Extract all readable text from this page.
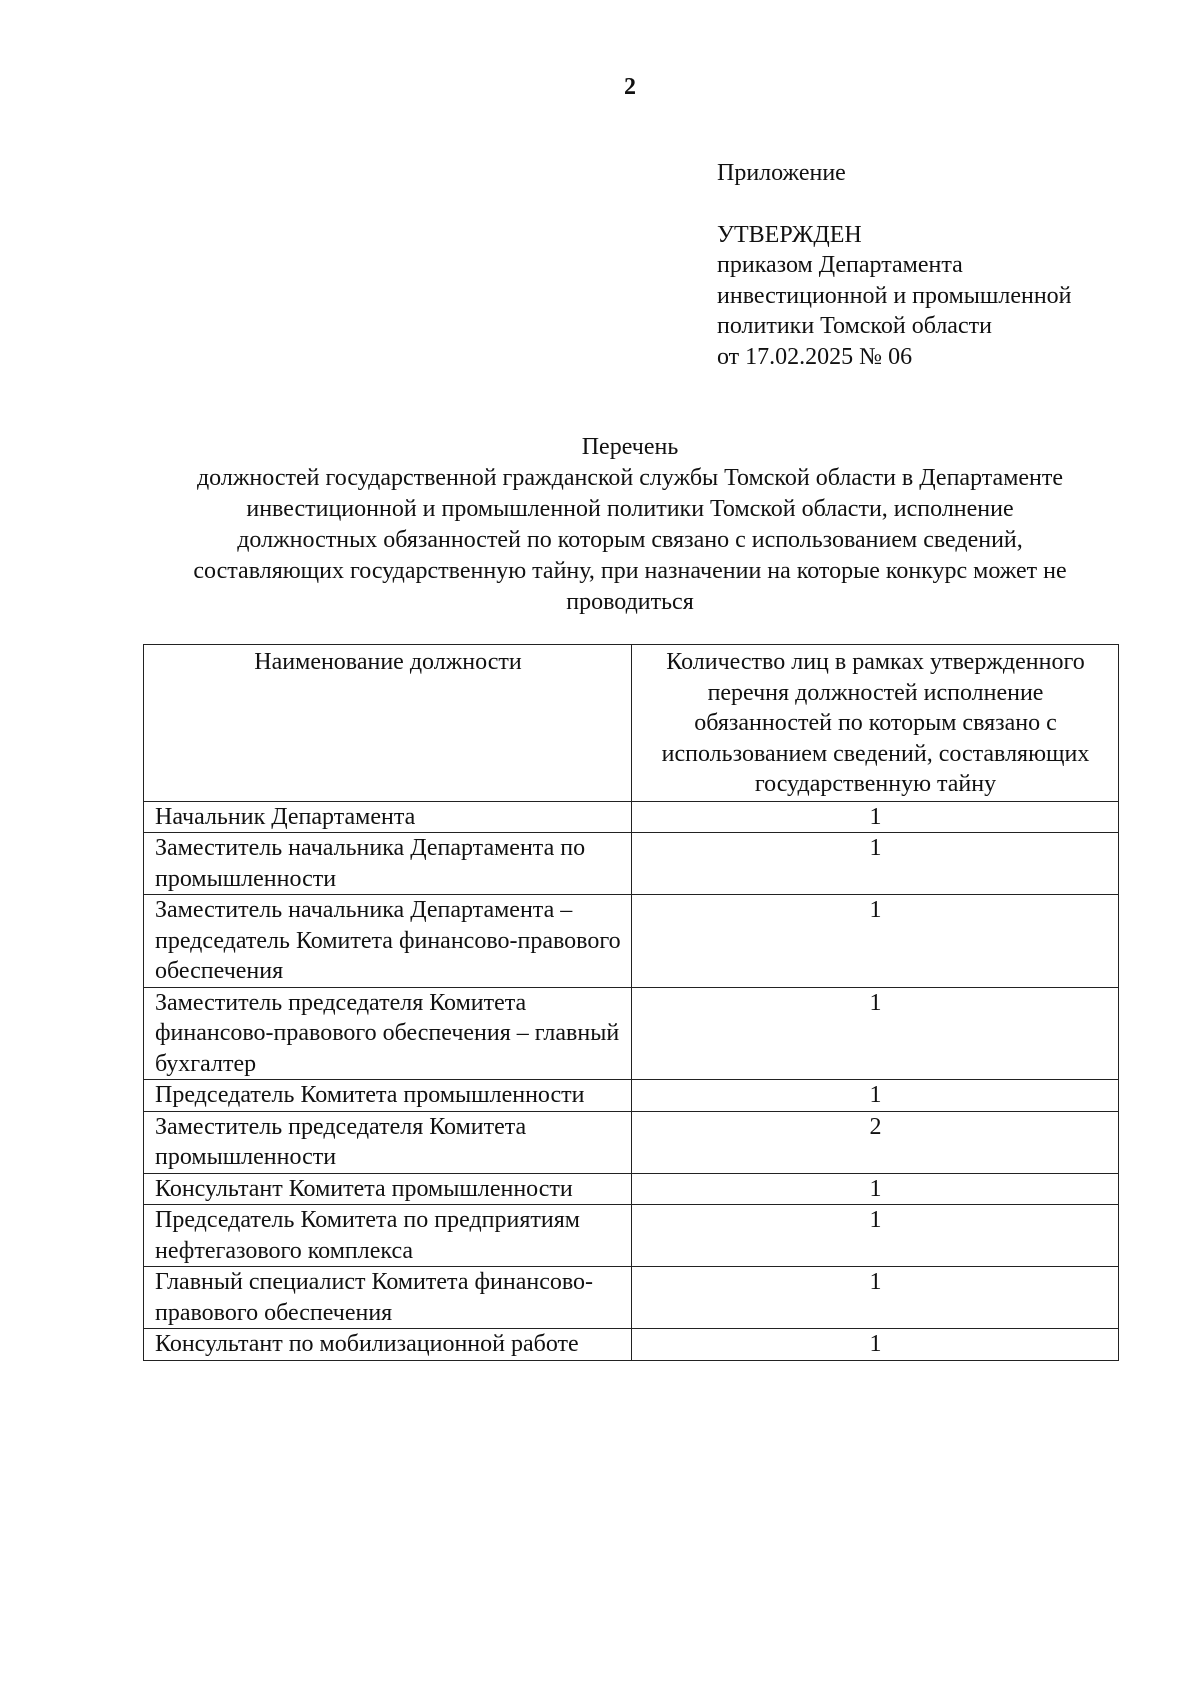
2
Приложение
УТВЕРЖДЕН
приказом Департамента
инвестиционной и промышленной
политики Томской области
от 17.02.2025 № 06
Перечень
должностей государственной гражданской службы Томской области в Департаменте
инвестиционной и промышленной политики Томской области, исполнение
должностных обязанностей по которым связано с использованием сведений,
составляющих государственную тайну, при назначении на которые конкурс может не
проводиться
Наименование должности	Количество лиц в рамках утвержденного перечня должностей исполнение обязанностей по которым связано с использованием сведений, составляющих государственную тайну
Начальник Департамента	1
Заместитель начальника Департамента по промышленности	1
Заместитель начальника Департамента – председатель Комитета финансово-правового обеспечения	1
Заместитель председателя Комитета финансово-правового обеспечения – главный бухгалтер	1
Председатель Комитета промышленности	1
Заместитель председателя Комитета промышленности	2
Консультант Комитета промышленности	1
Председатель Комитета по предприятиям нефтегазового комплекса	1
Главный специалист Комитета финансово-правового обеспечения	1
Консультант по мобилизационной работе	1
